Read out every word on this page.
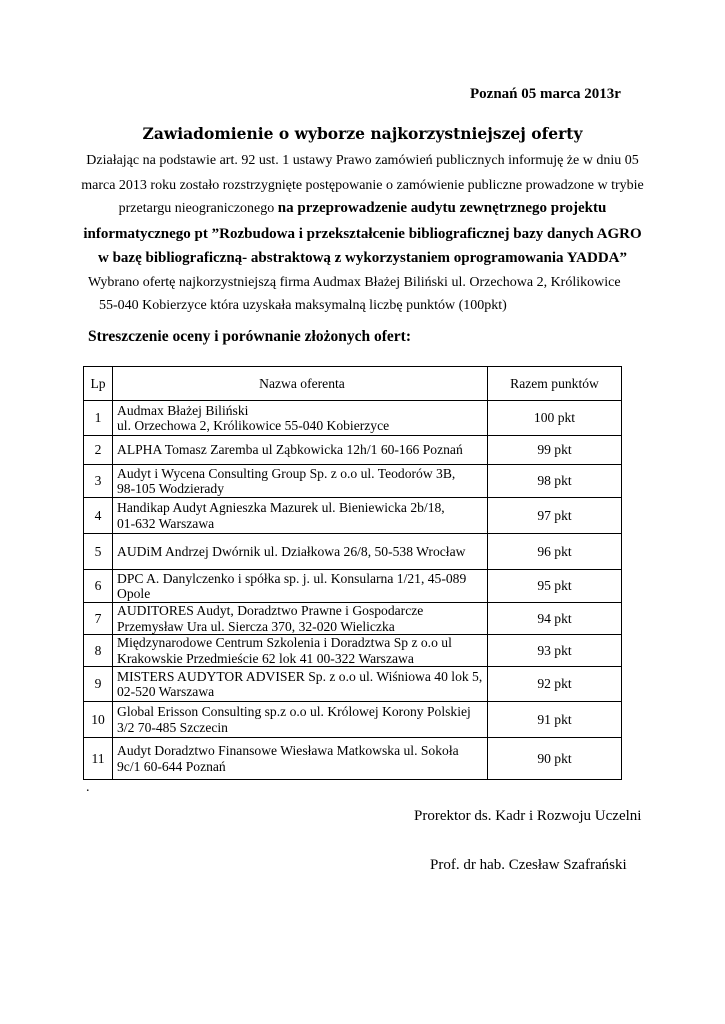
Poznań 05 marca 2013r
Zawiadomienie o wyborze najkorzystniejszej oferty
Działając na podstawie art. 92 ust. 1 ustawy Prawo zamówień publicznych informuję że w dniu 05
marca 2013 roku zostało rozstrzygnięte postępowanie o zamówienie publiczne prowadzone w trybie
przetargu nieograniczonego na przeprowadzenie audytu zewnętrznego projektu
informatycznego pt ”Rozbudowa i przekształcenie bibliograficznej bazy danych AGRO
w bazę bibliograficzną- abstraktową z wykorzystaniem oprogramowania YADDA”
Wybrano ofertę najkorzystniejszą firma Audmax Błażej Biliński ul. Orzechowa 2, Królikowice
55-040 Kobierzyce która uzyskała maksymalną liczbę punktów (100pkt)
Streszczenie oceny i porównanie złożonych ofert:
Lp	Nazwa oferenta	Razem punktów
1	Audmax Błażej Biliński
ul. Orzechowa 2, Królikowice 55-040 Kobierzyce	100 pkt
2	ALPHA Tomasz Zaremba ul Ząbkowicka 12h/1 60-166 Poznań	99 pkt
3	Audyt i Wycena Consulting Group Sp. z o.o ul. Teodorów 3B,
98-105 Wodzierady	98 pkt
4	Handikap Audyt Agnieszka Mazurek ul. Bieniewicka 2b/18,
01-632 Warszawa	97 pkt
5	AUDiM Andrzej Dwórnik ul. Działkowa 26/8, 50-538 Wrocław	96 pkt
6	DPC A. Danylczenko i spółka sp. j. ul. Konsularna 1/21, 45-089
Opole	95 pkt
7	AUDITORES Audyt, Doradztwo Prawne i Gospodarcze
Przemysław Ura ul. Siercza 370, 32-020 Wieliczka	94 pkt
8	Międzynarodowe Centrum Szkolenia i Doradztwa Sp z o.o ul
Krakowskie Przedmieście 62 lok 41 00-322 Warszawa	93 pkt
9	MISTERS AUDYTOR ADVISER Sp. z o.o ul. Wiśniowa 40 lok 5,
02-520 Warszawa	92 pkt
10	Global Erisson Consulting sp.z o.o ul. Królowej Korony Polskiej
3/2 70-485 Szczecin	91 pkt
11	Audyt Doradztwo Finansowe Wiesława Matkowska ul. Sokoła
9c/1 60-644 Poznań	90 pkt
.
Prorektor ds. Kadr i Rozwoju Uczelni
Prof. dr hab. Czesław Szafrański
